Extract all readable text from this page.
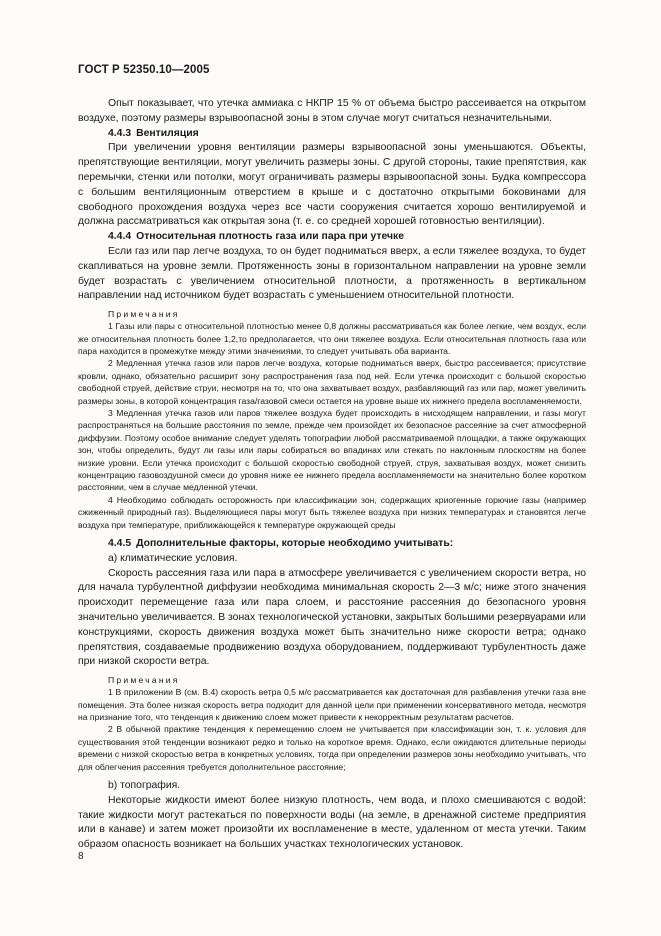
ГОСТ Р 52350.10—2005

Опыт показывает, что утечка аммиака с НКПР 15 % от объема быстро рассеивается на открытом воздухе, поэтому размеры взрывоопасной зоны в этом случае могут считаться незначительными.

4.4.3 Вентиляция

При увеличении уровня вентиляции размеры взрывоопасной зоны уменьшаются. Объекты, препятствующие вентиляции, могут увеличить размеры зоны. С другой стороны, такие препятствия, как перемычки, стенки или потолки, могут ограничивать размеры взрывоопасной зоны. Будка компрессора с большим вентиляционным отверстием в крыше и с достаточно открытыми боковинами для свободного прохождения воздуха через все части сооружения считается хорошо вентилируемой и должна рассматриваться как открытая зона (т. е. со средней хорошей готовностью вентиляции).

4.4.4 Относительная плотность газа или пара при утечке

Если газ или пар легче воздуха, то он будет подниматься вверх, а если тяжелее воздуха, то будет скапливаться на уровне земли. Протяженность зоны в горизонтальном направлении на уровне земли будет возрастать с увеличением относительной плотности, а протяженность в вертикальном направлении над источником будет возрастать с уменьшением относительной плотности.

Примечания

1 Газы или пары с относительной плотностью менее 0,8 должны рассматриваться как более легкие, чем воздух, если же относительная плотность более 1,2,то предполагается, что они тяжелее воздуха. Если относительная плотность газа или пара находится в промежутке между этими значениями, то следует учитывать оба варианта.

2 Медленная утечка газов или паров легче воздуха, которые подниматься вверх, быстро рассеивается; присутствие кровли, однако, обязательно расширит зону распространения газа под ней. Если утечка происходит с большой скоростью свободной струей, действие струи, несмотря на то, что она захватывает воздух, разбавляющий газ или пар, может увеличить размеры зоны, в которой концентрация газа/газовой смеси остается на уровне выше их нижнего предела воспламеняемости.

3 Медленная утечка газов или паров тяжелее воздуха будет происходить в нисходящем направлении, и газы могут распространяться на большие расстояния по земле, прежде чем произойдет их безопасное рассеяние за счет атмосферной диффузии. Поэтому особое внимание следует уделять топографии любой рассматриваемой площадки, а также окружающих зон, чтобы определить, будут ли газы или пары собираться во впадинах или стекать по наклонным плоскостям на более низкие уровни. Если утечка происходит с большой скоростью свободной струей, струя, захватывая воздух, может снизить концентрацию газовоздушной смеси до уровня ниже ее нижнего предела воспламеняемости на значительно более коротком расстоянии, чем в случае медленной утечки.

4 Необходимо соблюдать осторожность при классификации зон, содержащих криогенные горючие газы (например сжиженный природный газ). Выделяющиеся пары могут быть тяжелее воздуха при низких температурах и становятся легче воздуха при температуре, приближающейся к температуре окружающей среды

4.4.5 Дополнительные факторы, которые необходимо учитывать:
а) климатические условия.

Скорость рассеяния газа или пара в атмосфере увеличивается с увеличением скорости ветра, но для начала турбулентной диффузии необходима минимальная скорость 2—3 м/с; ниже этого значения происходит перемещение газа или пара слоем, и расстояние рассеяния до безопасного уровня значительно увеличивается. В зонах технологической установки, закрытых большими резервуарами или конструкциями, скорость движения воздуха может быть значительно ниже скорости ветра; однако препятствия, создаваемые продвижению воздуха оборудованием, поддерживают турбулентность даже при низкой скорости ветра.

Примечания

1 В приложении В (см. В.4) скорость ветра 0,5 м/с рассматривается как достаточная для разбавления утечки газа вне помещения. Эта более низкая скорость ветра подходит для данной цели при применении консервативного метода, несмотря на признание того, что тенденция к движению слоем может привести к некорректным результатам расчетов.

2 В обычной практике тенденция к перемещению слоем не учитывается при классификации зон, т. к. условия для существования этой тенденции возникают редко и только на короткое время. Однако, если ожидаются длительные периоды времени с низкой скоростью ветра в конкретных условиях, тогда при определении размеров зоны необходимо учитывать, что для облегчения рассеяния требуется дополнительное расстояние;

b) топография.

Некоторые жидкости имеют более низкую плотность, чем вода, и плохо смешиваются с водой: такие жидкости могут растекаться по поверхности воды (на земле, в дренажной системе предприятия или в канаве) и затем может произойти их воспламенение в месте, удаленном от места утечки. Таким образом опасность возникает на больших участках технологических установок.

8
